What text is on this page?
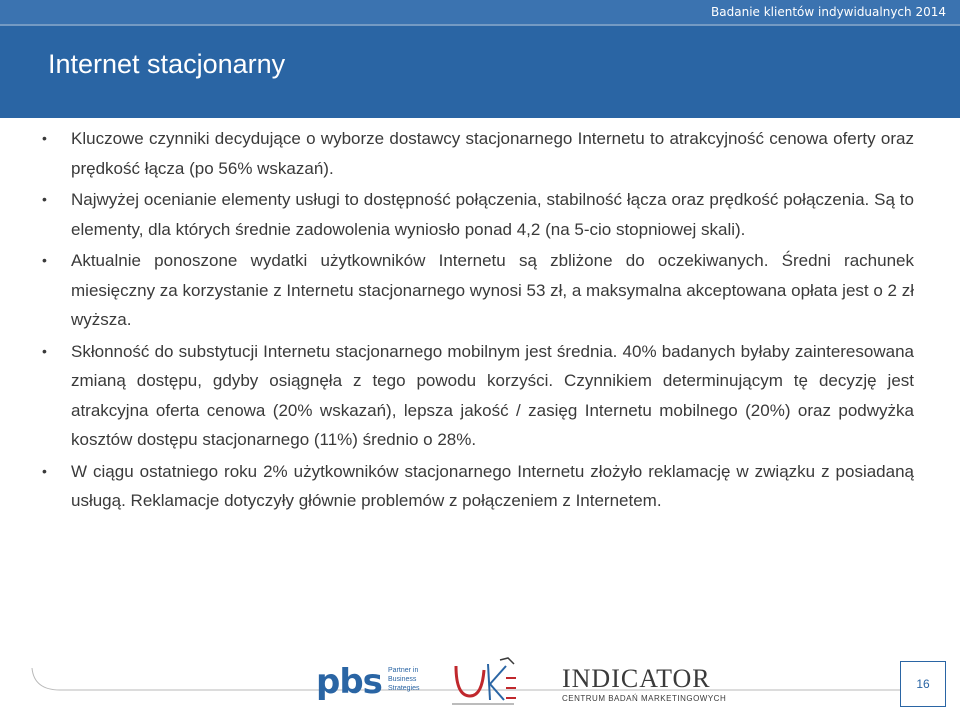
Badanie klientów indywidualnych 2014
Internet stacjonarny
• Kluczowe czynniki decydujące o wyborze dostawcy stacjonarnego Internetu to atrakcyjność cenowa oferty oraz prędkość łącza (po 56% wskazań).
• Najwyżej ocenianie elementy usługi to dostępność połączenia, stabilność łącza oraz prędkość połączenia. Są to elementy, dla których średnie zadowolenia wyniosło ponad 4,2 (na 5-cio stopniowej skali).
• Aktualnie ponoszone wydatki użytkowników Internetu są zbliżone do oczekiwanych. Średni rachunek miesięczny za korzystanie z Internetu stacjonarnego wynosi 53 zł, a maksymalna akceptowana opłata jest o 2 zł wyższa.
• Skłonność do substytucji Internetu stacjonarnego mobilnym jest średnia. 40% badanych byłaby zainteresowana zmianą dostępu, gdyby osiągnęła z tego powodu korzyści. Czynnikiem determinującym tę decyzję jest atrakcyjna oferta cenowa (20% wskazań), lepsza jakość / zasięg Internetu mobilnego (20%) oraz podwyżka kosztów dostępu stacjonarnego (11%) średnio o 28%.
• W ciągu ostatniego roku 2% użytkowników stacjonarnego Internetu złożyło reklamację w związku z posiadaną usługą. Reklamacje dotyczyły głównie problemów z połączeniem z Internetem.
pbs Partner in
Business
Strategies	INDICATOR
CENTRUM BADAŃ MARKETINGOWYCH
16
